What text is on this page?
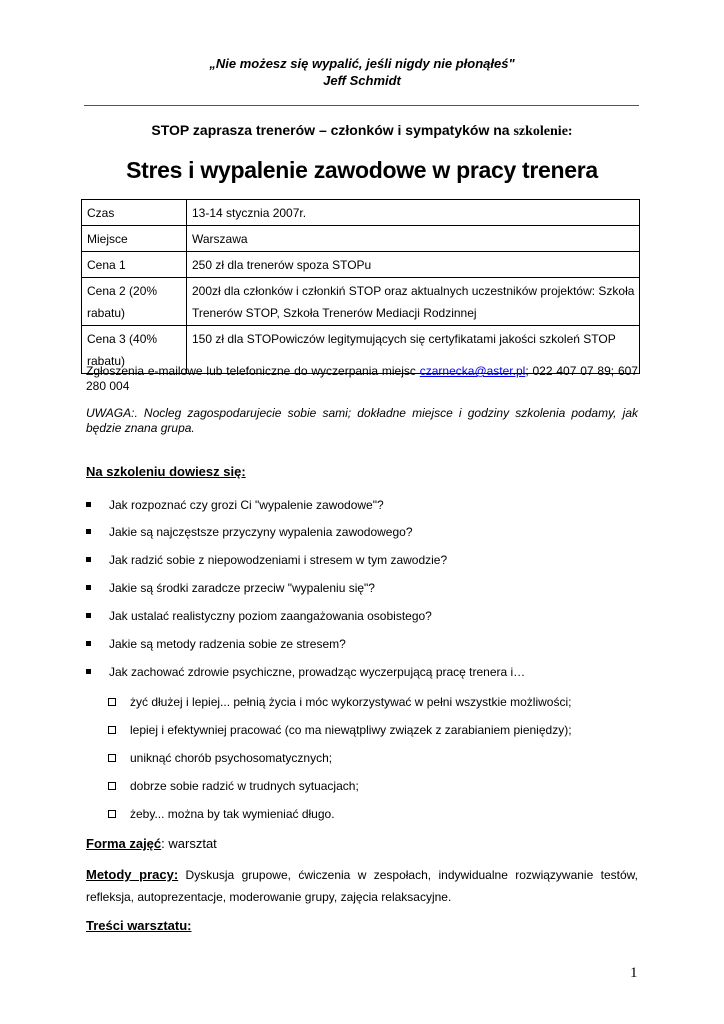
„Nie możesz się wypalić, jeśli nigdy nie płonąłeś"
Jeff Schmidt
STOP zaprasza trenerów – członków i sympatyków na szkolenie:
Stres i wypalenie zawodowe w pracy trenera
Czas	13-14 stycznia 2007r.
Miejsce	Warszawa
Cena 1	250 zł dla trenerów spoza STOPu
Cena 2 (20% rabatu)	200zł dla członków i członkiń STOP oraz aktualnych uczestników projektów: Szkoła Trenerów STOP, Szkoła Trenerów Mediacji Rodzinnej
Cena 3 (40% rabatu)	150 zł dla STOPowiczów legitymujących się certyfikatami jakości szkoleń STOP
Zgłoszenia e-mailowe lub telefoniczne do wyczerpania miejsc czarnecka@aster.pl; 022 407 07 89; 607 280 004
UWAGA:. Nocleg zagospodarujecie sobie sami; dokładne miejsce i godziny szkolenia podamy, jak będzie znana grupa.
Na szkoleniu dowiesz się:
Jak rozpoznać czy grozi Ci "wypalenie zawodowe"?
Jakie są najczęstsze przyczyny wypalenia zawodowego?
Jak radzić sobie z niepowodzeniami i stresem w tym zawodzie?
Jakie są środki zaradcze przeciw "wypaleniu się"?
Jak ustalać realistyczny poziom zaangażowania osobistego?
Jakie są metody radzenia sobie ze stresem?
Jak zachować zdrowie psychiczne, prowadząc wyczerpującą pracę trenera i…
żyć dłużej i lepiej... pełnią życia i móc wykorzystywać w pełni wszystkie możliwości;
lepiej i efektywniej pracować (co ma niewątpliwy związek z zarabianiem pieniędzy);
uniknąć chorób psychosomatycznych;
dobrze sobie radzić w trudnych sytuacjach;
żeby... można by tak wymieniać długo.
Forma zajęć: warsztat
Metody pracy: Dyskusja grupowe, ćwiczenia w zespołach, indywidualne rozwiązywanie testów, refleksja, autoprezentacje, moderowanie grupy, zajęcia relaksacyjne.
Treści warsztatu:
1
